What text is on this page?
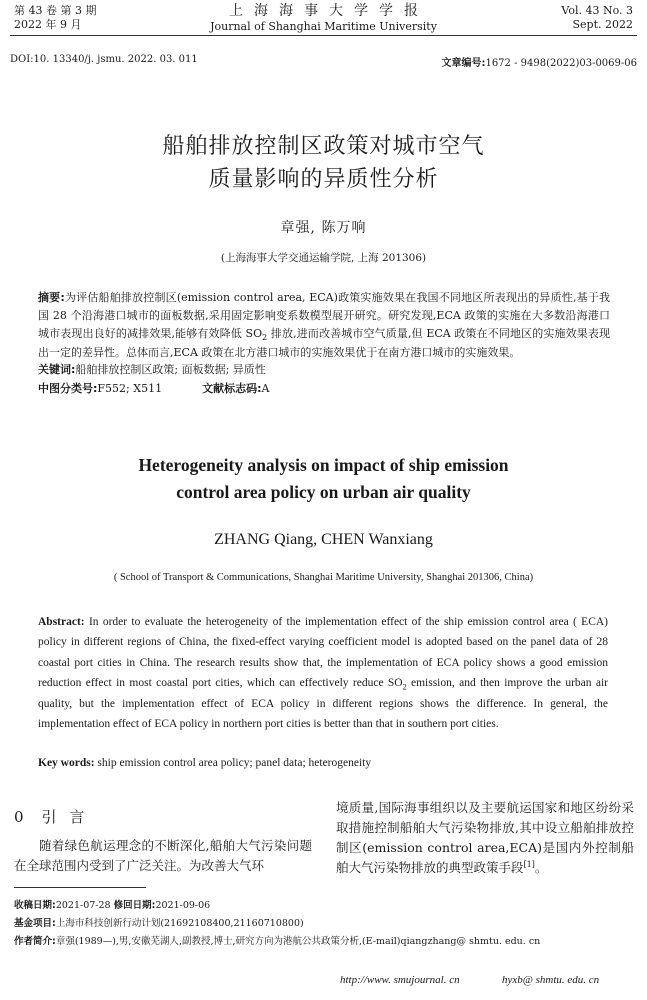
第 43 卷 第 3 期
2022 年 9 月
上海海事大学学报
Journal of Shanghai Maritime University
Vol. 43 No. 3
Sept. 2022
DOI:10. 13340/j. jsmu. 2022. 03. 011	文章编号:1672 - 9498(2022)03-0069-06
船舶排放控制区政策对城市空气
质量影响的异质性分析
章强, 陈万响
(上海海事大学交通运输学院, 上海 201306)
摘要:为评估船舶排放控制区(emission control area, ECA)政策实施效果在我国不同地区所表现出的异质性,基于我国 28 个沿海港口城市的面板数据,采用固定影响变系数模型展开研究。研究发现,ECA 政策的实施在大多数沿海港口城市表现出良好的减排效果,能够有效降低 $SO_2$ 排放,进而改善城市空气质量,但 ECA 政策在不同地区的实施效果表现出一定的差异性。总体而言,ECA 政策在北方港口城市的实施效果优于在南方港口城市的实施效果。
关键词:船舶排放控制区政策; 面板数据; 异质性
中图分类号:F552; X511	文献标志码:A
Heterogeneity analysis on impact of ship emission
control area policy on urban air quality
ZHANG Qiang, CHEN Wanxiang
( School of Transport & Communications, Shanghai Maritime University, Shanghai 201306, China)
Abstract: In order to evaluate the heterogeneity of the implementation effect of the ship emission control area ( ECA) policy in different regions of China, the fixed-effect varying coefficient model is adopted based on the panel data of 28 coastal port cities in China. The research results show that, the implementation of ECA policy shows a good emission reduction effect in most coastal port cities, which can effectively reduce $SO_2$ emission, and then improve the urban air quality, but the implementation effect of ECA policy in different regions shows the difference. In general, the implementation effect of ECA policy in northern port cities is better than that in southern port cities.
Key words: ship emission control area policy; panel data; heterogeneity
0 引 言
随着绿色航运理念的不断深化,船舶大气污染问题在全球范围内受到了广泛关注。为改善大气环
境质量,国际海事组织以及主要航运国家和地区纷纷采取措施控制船舶大气污染物排放,其中设立船舶排放控制区(emission control area,ECA)是国内外控制船舶大气污染物排放的典型政策手段[1]。
收稿日期:2021-07-28 修回日期:2021-09-06
基金项目:上海市科技创新行动计划(21692108400,21160710800)
作者简介:章强(1989—),男,安徽芜湖人,副教授,博士,研究方向为港航公共政策分析,(E-mail)qiangzhang@ shmtu. edu. cn
http://www. smujournal. cn	hyxb@ shmtu. edu. cn
